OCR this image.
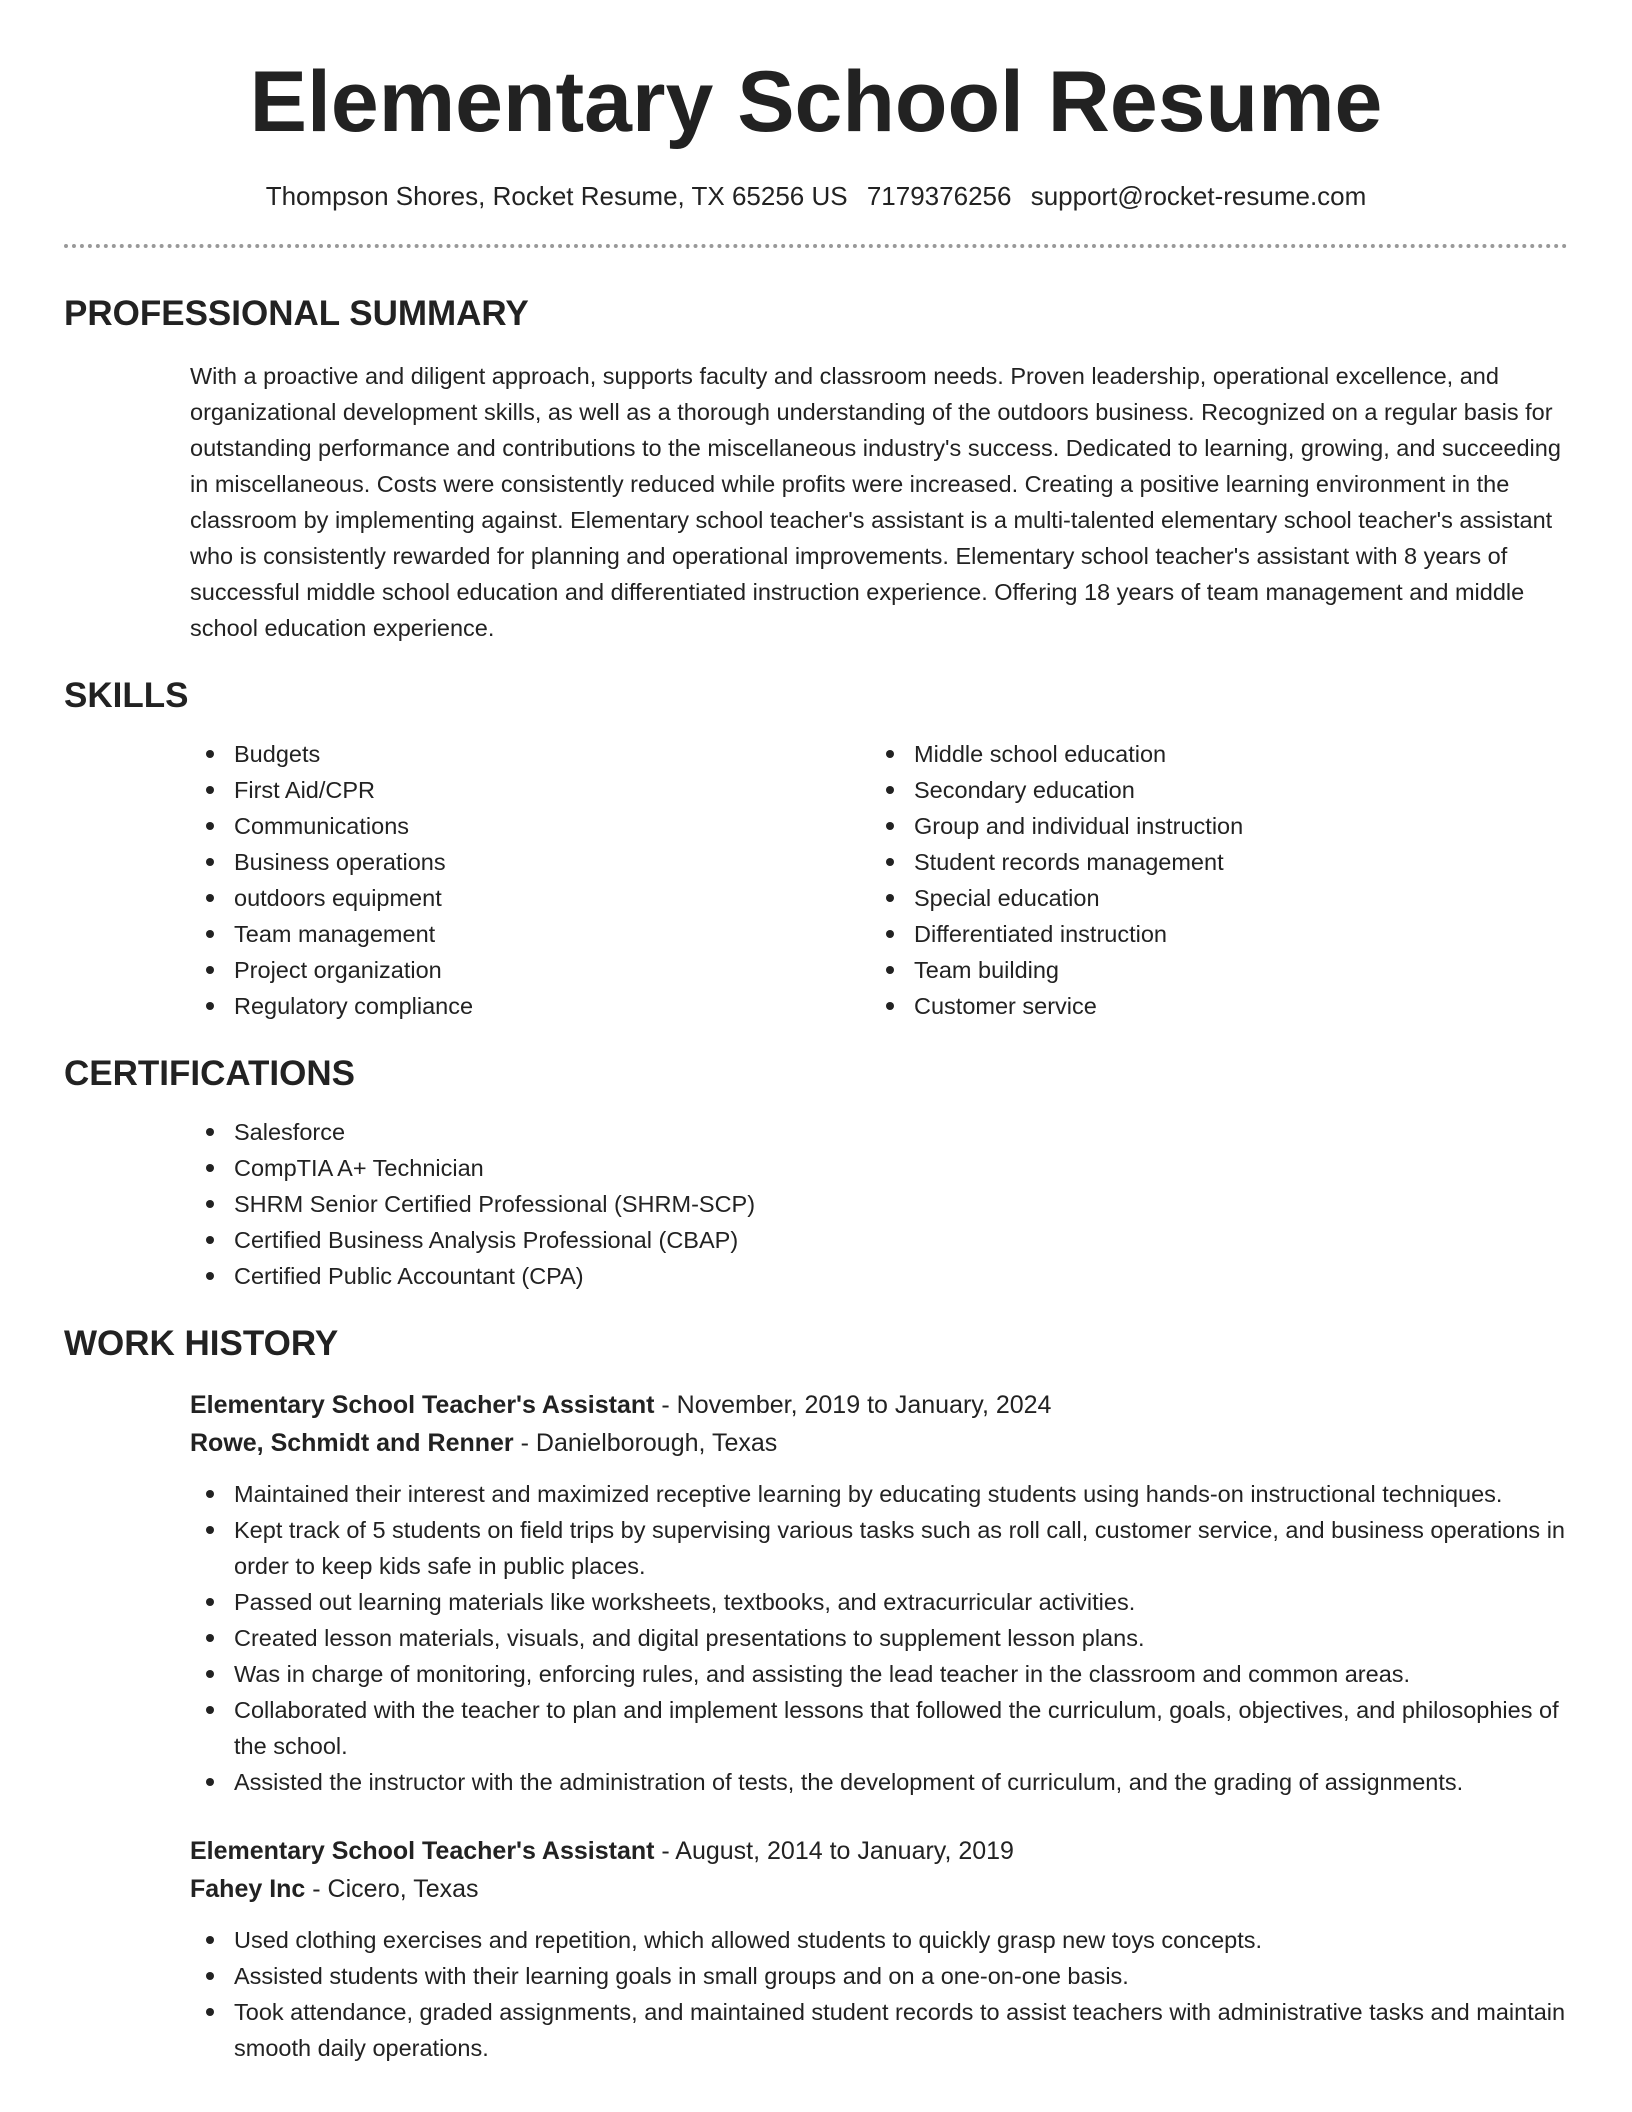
Elementary School Resume
Thompson Shores, Rocket Resume, TX 65256 US 7179376256 support@rocket-resume.com
PROFESSIONAL SUMMARY

With a proactive and diligent approach, supports faculty and classroom needs. Proven leadership, operational excellence, and organizational development skills, as well as a thorough understanding of the outdoors business. Recognized on a regular basis for outstanding performance and contributions to the miscellaneous industry's success. Dedicated to learning, growing, and succeeding in miscellaneous. Costs were consistently reduced while profits were increased. Creating a positive learning environment in the classroom by implementing against. Elementary school teacher's assistant is a multi-talented elementary school teacher's assistant who is consistently rewarded for planning and operational improvements. Elementary school teacher's assistant with 8 years of successful middle school education and differentiated instruction experience. Offering 18 years of team management and middle school education experience.

SKILLS
Budgets
First Aid/CPR
Communications
Business operations
outdoors equipment
Team management
Project organization
Regulatory compliance
Middle school education
Secondary education
Group and individual instruction
Student records management
Special education
Differentiated instruction
Team building
Customer service
CERTIFICATIONS
Salesforce
CompTIA A+ Technician
SHRM Senior Certified Professional (SHRM-SCP)
Certified Business Analysis Professional (CBAP)
Certified Public Accountant (CPA)
WORK HISTORY
Elementary School Teacher's Assistant - November, 2019 to January, 2024
Rowe, Schmidt and Renner - Danielborough, Texas
Maintained their interest and maximized receptive learning by educating students using hands-on instructional techniques.
Kept track of 5 students on field trips by supervising various tasks such as roll call, customer service, and business operations in order to keep kids safe in public places.
Passed out learning materials like worksheets, textbooks, and extracurricular activities.
Created lesson materials, visuals, and digital presentations to supplement lesson plans.
Was in charge of monitoring, enforcing rules, and assisting the lead teacher in the classroom and common areas.
Collaborated with the teacher to plan and implement lessons that followed the curriculum, goals, objectives, and philosophies of the school.
Assisted the instructor with the administration of tests, the development of curriculum, and the grading of assignments.
Elementary School Teacher's Assistant - August, 2014 to January, 2019
Fahey Inc - Cicero, Texas
Used clothing exercises and repetition, which allowed students to quickly grasp new toys concepts.
Assisted students with their learning goals in small groups and on a one-on-one basis.
Took attendance, graded assignments, and maintained student records to assist teachers with administrative tasks and maintain smooth daily operations.
